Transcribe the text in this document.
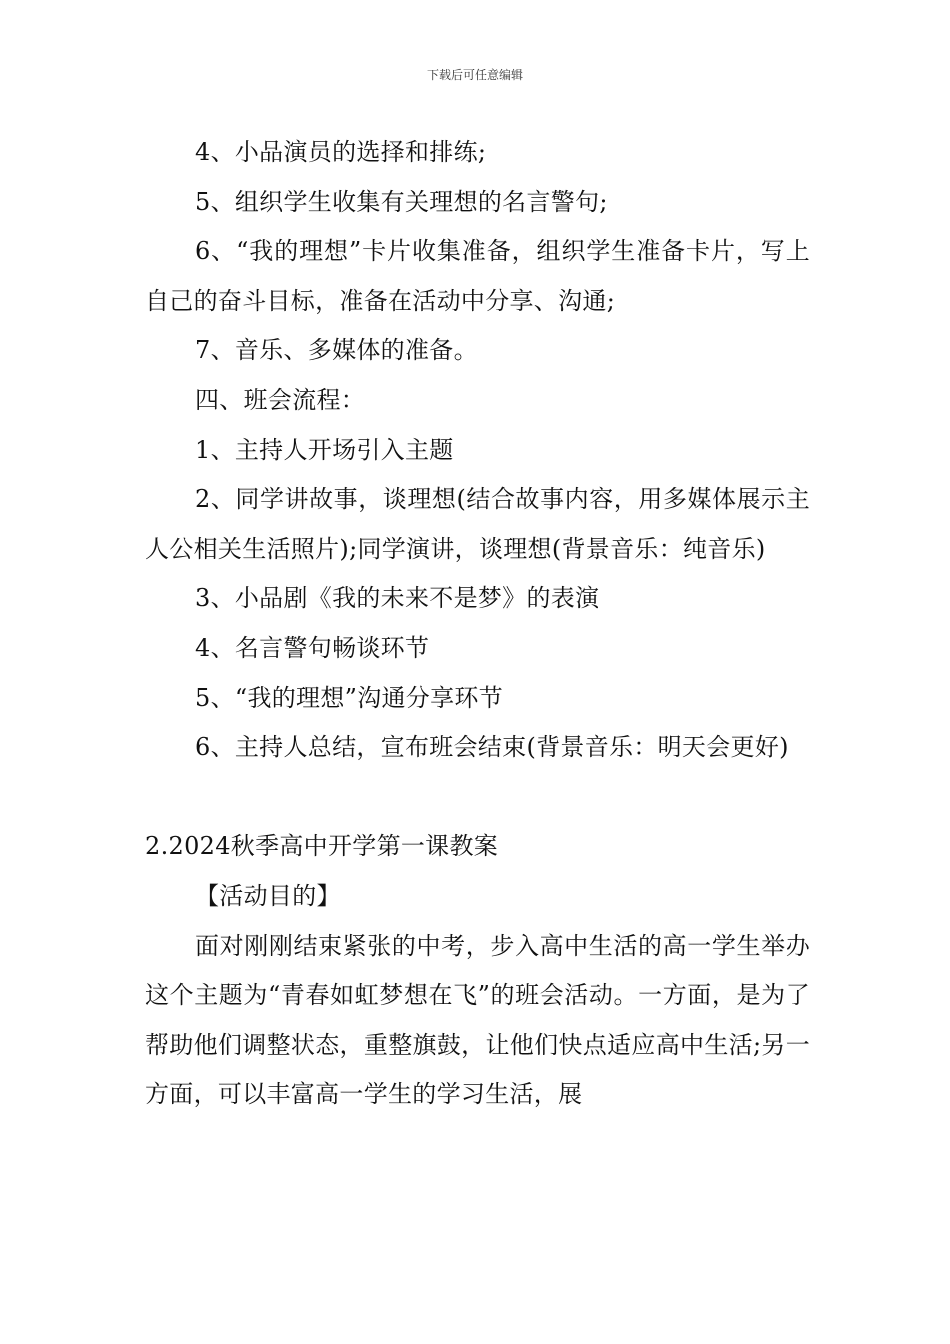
下载后可任意编辑

4、小品演员的选择和排练;

5、组织学生收集有关理想的名言警句;

6、“我的理想”卡片收集准备，组织学生准备卡片，写上自己的奋斗目标，准备在活动中分享、沟通;

7、音乐、多媒体的准备。

四、班会流程：

1、主持人开场引入主题

2、同学讲故事，谈理想(结合故事内容，用多媒体展示主人公相关生活照片);同学演讲，谈理想(背景音乐：纯音乐)

3、小品剧《我的未来不是梦》的表演

4、名言警句畅谈环节

5、“我的理想”沟通分享环节

6、主持人总结，宣布班会结束(背景音乐：明天会更好)

2.2024秋季高中开学第一课教案

【活动目的】

面对刚刚结束紧张的中考，步入高中生活的高一学生举办这个主题为“青春如虹梦想在飞”的班会活动。一方面，是为了帮助他们调整状态，重整旗鼓，让他们快点适应高中生活;另一方面，可以丰富高一学生的学习生活，展
